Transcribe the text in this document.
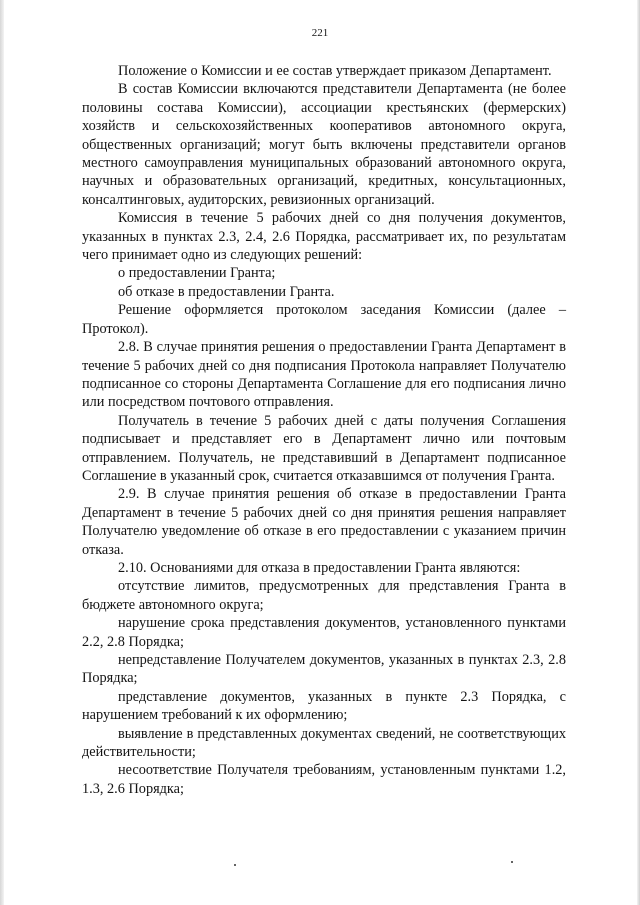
221

Положение о Комиссии и ее состав утверждает приказом Департамент.

В состав Комиссии включаются представители Департамента (не более половины состава Комиссии), ассоциации крестьянских (фермерских) хозяйств и сельскохозяйственных кооперативов автономного округа, общественных организаций; могут быть включены представители органов местного самоуправления муниципальных образований автономного округа, научных и образовательных организаций, кредитных, консультационных, консалтинговых, аудиторских, ревизионных организаций.

Комиссия в течение 5 рабочих дней со дня получения документов, указанных в пунктах 2.3, 2.4, 2.6 Порядка, рассматривает их, по результатам чего принимает одно из следующих решений:

о предоставлении Гранта;

об отказе в предоставлении Гранта.

Решение оформляется протоколом заседания Комиссии (далее – Протокол).

2.8. В случае принятия решения о предоставлении Гранта Департамент в течение 5 рабочих дней со дня подписания Протокола направляет Получателю подписанное со стороны Департамента Соглашение для его подписания лично или посредством почтового отправления.

Получатель в течение 5 рабочих дней с даты получения Соглашения подписывает и представляет его в Департамент лично или почтовым отправлением. Получатель, не представивший в Департамент подписанное Соглашение в указанный срок, считается отказавшимся от получения Гранта.

2.9. В случае принятия решения об отказе в предоставлении Гранта Департамент в течение 5 рабочих дней со дня принятия решения направляет Получателю уведомление об отказе в его предоставлении с указанием причин отказа.

2.10. Основаниями для отказа в предоставлении Гранта являются:

отсутствие лимитов, предусмотренных для представления Гранта в бюджете автономного округа;

нарушение срока представления документов, установленного пунктами 2.2, 2.8 Порядка;

непредставление Получателем документов, указанных в пунктах 2.3, 2.8 Порядка;

представление документов, указанных в пункте 2.3 Порядка, с нарушением требований к их оформлению;

выявление в представленных документах сведений, не соответствующих действительности;

несоответствие Получателя требованиям, установленным пунктами 1.2, 1.3, 2.6 Порядка;
